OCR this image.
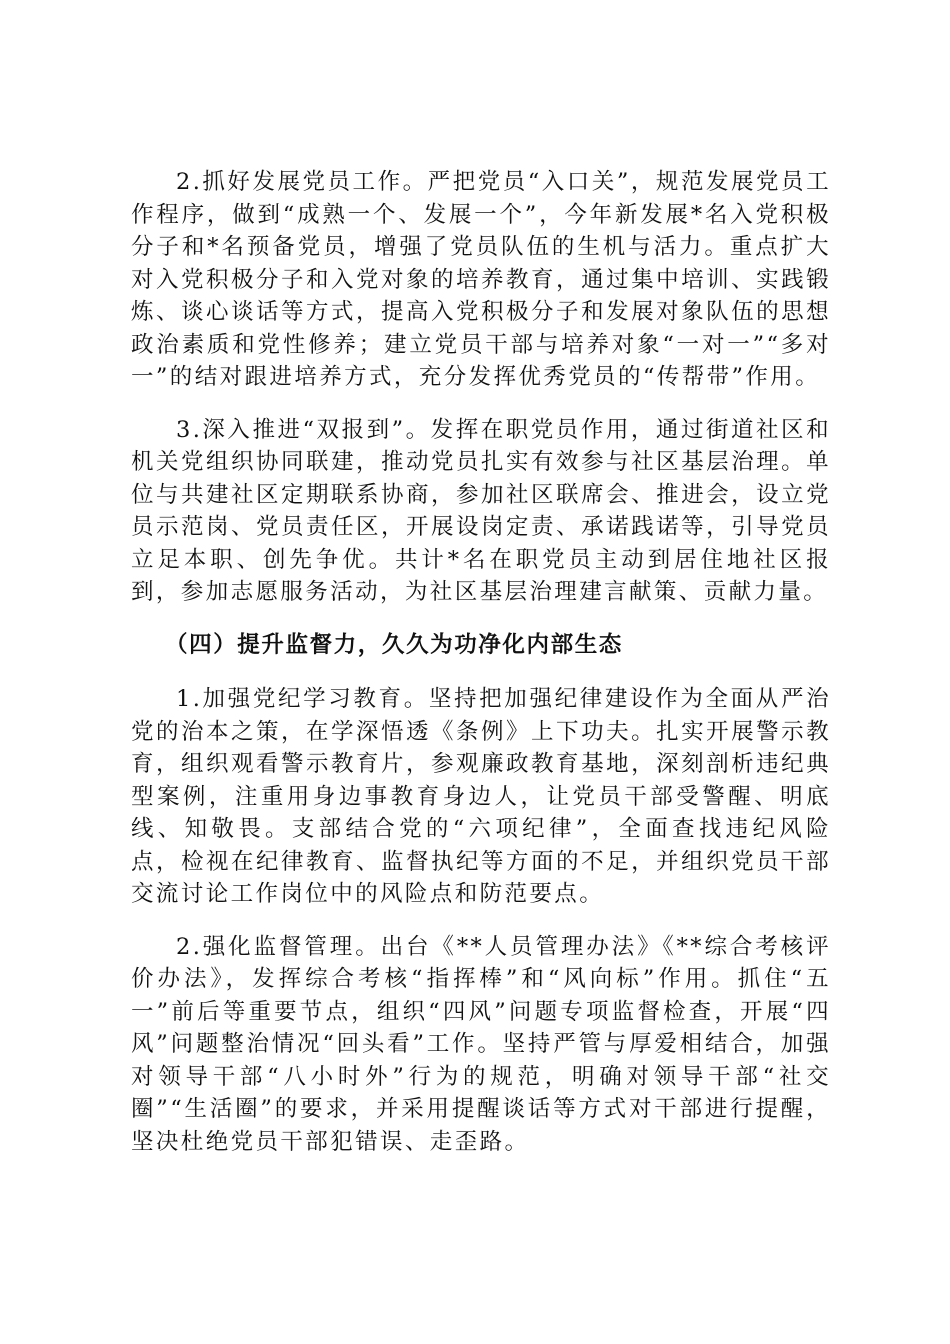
2.抓好发展党员工作。严把党员“入口关”，规范发展党员工作程序，做到“成熟一个、发展一个”，今年新发展*名入党积极分子和*名预备党员，增强了党员队伍的生机与活力。重点扩大对入党积极分子和入党对象的培养教育，通过集中培训、实践锻炼、谈心谈话等方式，提高入党积极分子和发展对象队伍的思想政治素质和党性修养；建立党员干部与培养对象“一对一”“多对一”的结对跟进培养方式，充分发挥优秀党员的“传帮带”作用。

3.深入推进“双报到”。发挥在职党员作用，通过街道社区和机关党组织协同联建，推动党员扎实有效参与社区基层治理。单位与共建社区定期联系协商，参加社区联席会、推进会，设立党员示范岗、党员责任区，开展设岗定责、承诺践诺等，引导党员立足本职、创先争优。共计*名在职党员主动到居住地社区报到，参加志愿服务活动，为社区基层治理建言献策、贡献力量。

（四）提升监督力，久久为功净化内部生态

1.加强党纪学习教育。坚持把加强纪律建设作为全面从严治党的治本之策，在学深悟透《条例》上下功夫。扎实开展警示教育，组织观看警示教育片，参观廉政教育基地，深刻剖析违纪典型案例，注重用身边事教育身边人，让党员干部受警醒、明底线、知敬畏。支部结合党的“六项纪律”，全面查找违纪风险点，检视在纪律教育、监督执纪等方面的不足，并组织党员干部交流讨论工作岗位中的风险点和防范要点。

2.强化监督管理。出台《**人员管理办法》《**综合考核评价办法》，发挥综合考核“指挥棒”和“风向标”作用。抓住“五一”前后等重要节点，组织“四风”问题专项监督检查，开展“四风”问题整治情况“回头看”工作。坚持严管与厚爱相结合，加强对领导干部“八小时外”行为的规范，明确对领导干部“社交圈”“生活圈”的要求，并采用提醒谈话等方式对干部进行提醒，坚决杜绝党员干部犯错误、走歪路。
